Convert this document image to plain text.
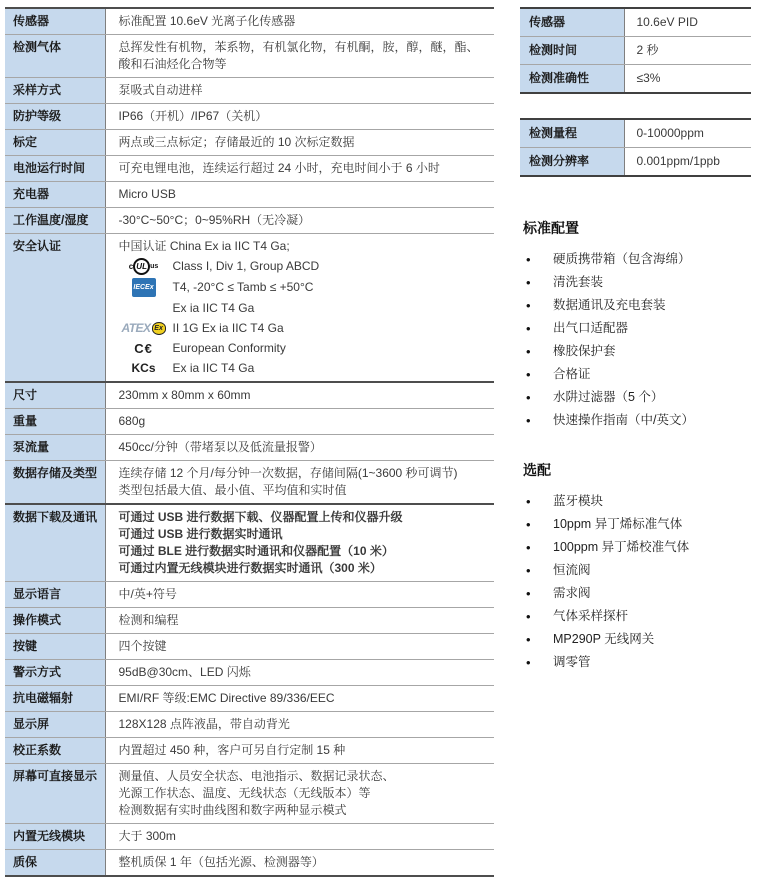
传感器	标准配置 10.6eV 光离子化传感器

检测气体	总挥发性有机物，苯系物，有机氯化物，有机酮，胺，醇，醚，酯、酸和石油烃化合物等

采样方式	泵吸式自动进样

防护等级	IP66（开机）/IP67（关机）

标定	两点或三点标定；存储最近的 10 次标定数据

电池运行时间	可充电锂电池，连续运行超过 24 小时，充电时间小于 6 小时

充电器	Micro USB

工作温度/湿度	-30°C~50°C；0~95%RH（无冷凝）

安全认证	中国认证 China Ex ia IIC T4 Ga;
c UL us Class I, Div 1, Group ABCD
IECEx T4, -20°C ≤ Tamb ≤ +50°C
Ex ia IIC T4 Ga
ATEX Ex II 1G Ex ia IIC T4 Ga
C€ European Conformity
KCs Ex ia IIC T4 Ga
尺寸	230mm x 80mm x 60mm

重量	680g

泵流量	450cc/分钟（带堵泵以及低流量报警）

数据存储及类型	连续存储 12 个月/每分钟一次数据，存储间隔(1~3600 秒可调节)
类型包括最大值、最小值、平均值和实时值
数据下载及通讯	可通过 USB 进行数据下载、仪器配置上传和仪器升级
可通过 USB 进行数据实时通讯
可通过 BLE 进行数据实时通讯和仪器配置（10 米）
可通过内置无线模块进行数据实时通讯（300 米）

显示语言	中/英+符号

操作模式	检测和编程

按键	四个按键

警示方式	95dB@30cm、LED 闪烁

抗电磁辐射	EMI/RF 等级:EMC Directive 89/336/EEC

显示屏	128X128 点阵液晶，带自动背光

校正系数	内置超过 450 种，客户可另自行定制 15 种

屏幕可直接显示	测量值、人员安全状态、电池指示、数据记录状态、
光源工作状态、温度、无线状态（无线版本）等
检测数据有实时曲线图和数字两种显示模式

内置无线模块	大于 300m

质保	整机质保 1 年（包括光源、检测器等）
传感器	10.6eV PID
检测时间	2 秒
检测准确性	≤3%
检测量程	0-10000ppm
检测分辨率	0.001ppm/1ppb
标准配置
• 硬质携带箱（包含海绵）
• 清洗套装
• 数据通讯及充电套装
• 出气口适配器
• 橡胶保护套
• 合格证
• 水阱过滤器（5 个）
• 快速操作指南（中/英文）
选配
• 蓝牙模块
• 10ppm 异丁烯标准气体
• 100ppm 异丁烯校准气体
• 恒流阀
• 需求阀
• 气体采样探杆
• MP290P 无线网关
• 调零管
